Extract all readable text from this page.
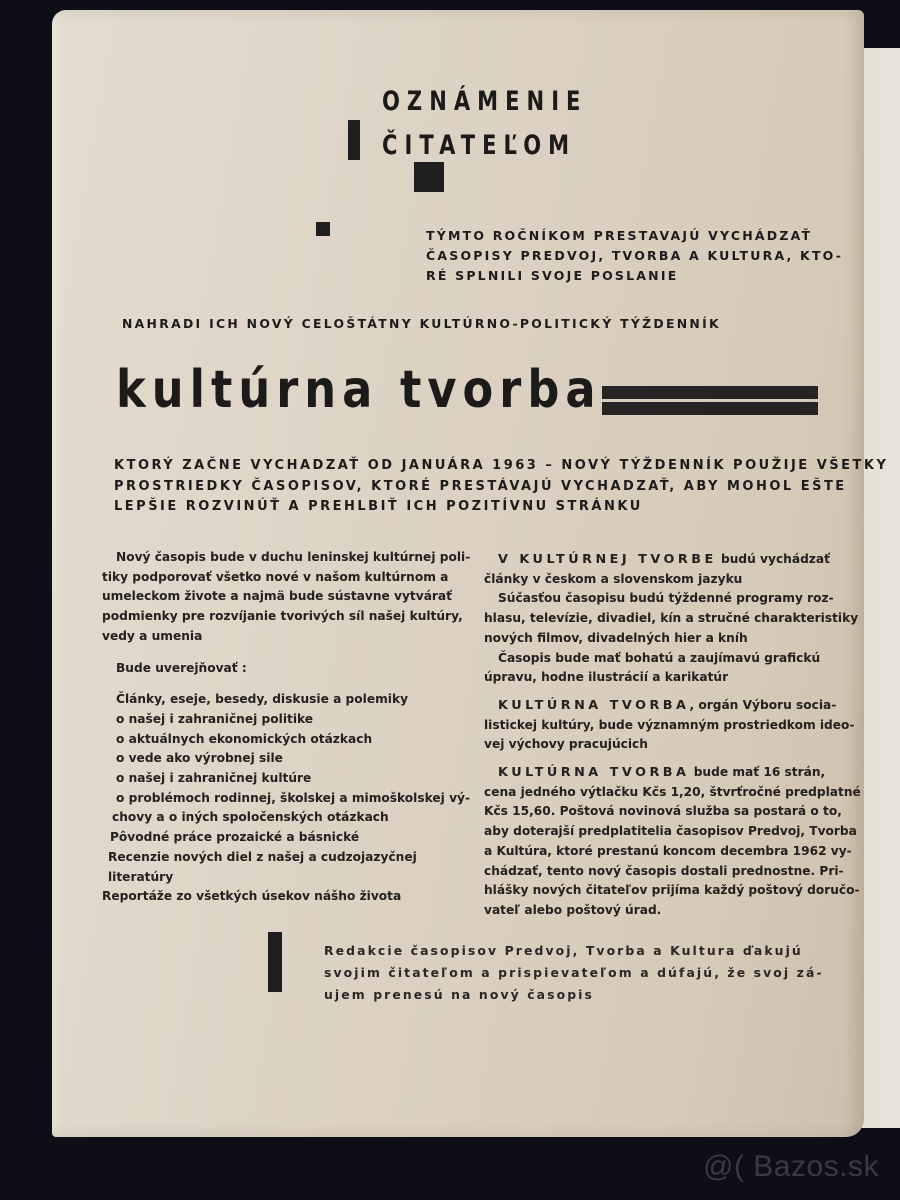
OZNÁMENIE
ČITATEĽOM
TÝMTO ROČNÍKOM PRESTAVAJÚ VYCHÁDZAŤ
ČASOPISY PREDVOJ, TVORBA A KULTURA, KTO-
RÉ SPLNILI SVOJE POSLANIE
NAHRADI ICH NOVÝ CELOŠTÁTNY KULTÚRNO-POLITICKÝ TÝŽDENNÍK
kultúrna tvorba
KTORÝ ZAČNE VYCHADZAŤ OD JANUÁRA 1963 – NOVÝ TÝŽDENNÍK POUŽIJE VŠETKY
PROSTRIEDKY ČASOPISOV, KTORÉ PRESTÁVAJÚ VYCHADZAŤ, ABY MOHOL EŠTE
LEPŠIE ROZVINÚŤ A PREHLBIŤ ICH POZITÍVNU STRÁNKU
Nový časopis bude v duchu leninskej kultúrnej poli-
tiky podporovať všetko nové v našom kultúrnom a
umeleckom živote a najmä bude sústavne vytvárať
podmienky pre rozvíjanie tvorivých síl našej kultúry,
vedy a umenia
Bude uverejňovať :
Články, eseje, besedy, diskusie a polemiky
o našej i zahraničnej politike
o aktuálnych ekonomických otázkach
o vede ako výrobnej sile
o našej i zahraničnej kultúre
o problémoch rodinnej, školskej a mimoškolskej vý-
chovy a o iných spoločenských otázkach
Pôvodné práce prozaické a básnické
Recenzie nových diel z našej a cudzojazyčnej
literatúry
Reportáže zo všetkých úsekov nášho života
V KULTÚRNEJ TVORBE budú vychádzať
články v českom a slovenskom jazyku
Súčasťou časopisu budú týždenné programy roz-
hlasu, televízie, divadiel, kín a stručné charakteristiky
nových filmov, divadelných hier a kníh
Časopis bude mať bohatú a zaujímavú grafickú
úpravu, hodne ilustrácií a karikatúr
KULTÚRNA TVORBA, orgán Výboru socia-
listickej kultúry, bude významným prostriedkom ideo-
vej výchovy pracujúcich
KULTÚRNA TVORBA bude mať 16 strán,
cena jedného výtlačku Kčs 1,20, štvrťročné predplatné
Kčs 15,60. Poštová novinová služba sa postará o to,
aby doterajší predplatitelia časopisov Predvoj, Tvorba
a Kultúra, ktoré prestanú koncom decembra 1962 vy-
chádzať, tento nový časopis dostali prednostne. Pri-
hlášky nových čitateľov prijíma každý poštový doručo-
vateľ alebo poštový úrad.
Redakcie časopisov Predvoj, Tvorba a Kultura ďakujú
svojim čitateľom a prispievateľom a dúfajú, že svoj zá-
ujem prenesú na nový časopis
@( Bazos.sk
